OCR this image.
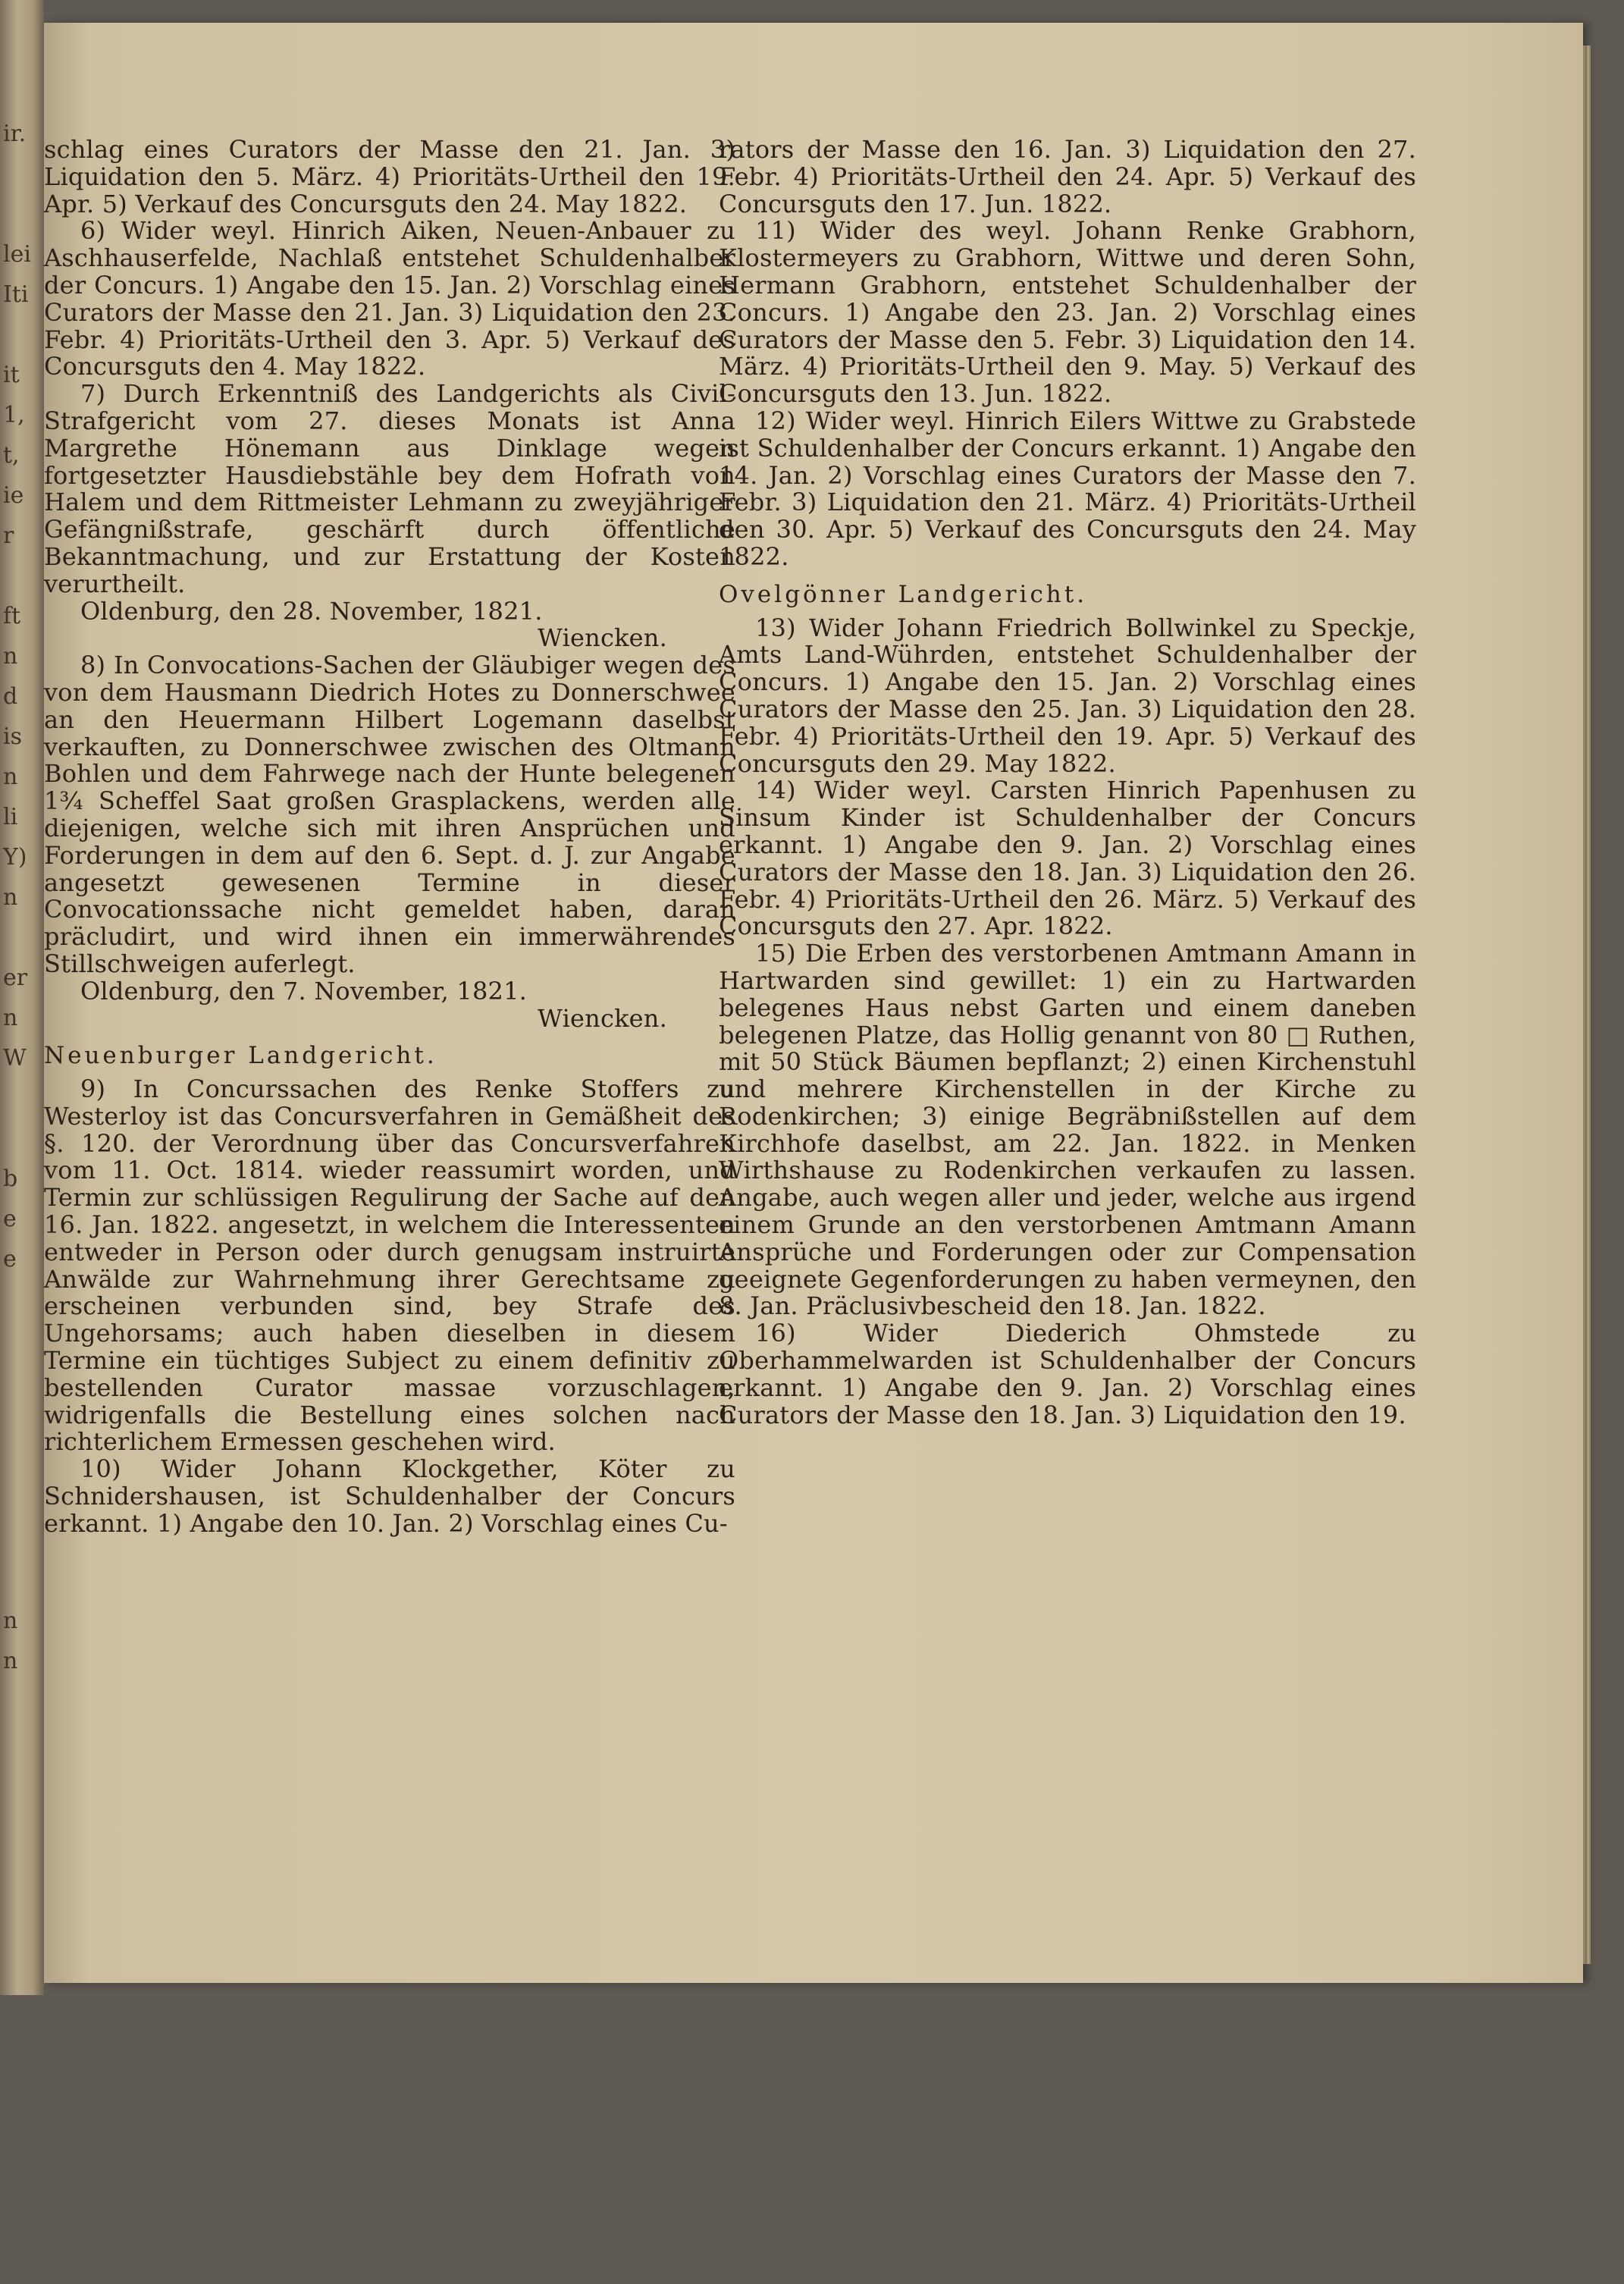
ir.

lei
Iti

it
1,
t,
ie
r

ft
n
d
is
n
li
Y)
n

er
n
W

b
e
e

n
n

schlag eines Curators der Masse den 21. Jan. 3) Liquidation den 5. März. 4) Prioritäts-Urtheil den 19. Apr. 5) Verkauf des Concursguts den 24. May 1822.

6) Wider weyl. Hinrich Aiken, Neuen-Anbauer zu Aschhauserfelde, Nachlaß entstehet Schuldenhalber der Concurs. 1) Angabe den 15. Jan. 2) Vorschlag eines Curators der Masse den 21. Jan. 3) Liquidation den 23. Febr. 4) Prioritäts-Urtheil den 3. Apr. 5) Verkauf des Concursguts den 4. May 1822.

7) Durch Erkenntniß des Landgerichts als Civil-Strafgericht vom 27. dieses Monats ist Anna Margrethe Hönemann aus Dinklage wegen fortgesetzter Hausdiebstähle bey dem Hofrath von Halem und dem Rittmeister Lehmann zu zweyjähriger Gefängnißstrafe, geschärft durch öffentliche Bekanntmachung, und zur Erstattung der Kosten verurtheilt.

Oldenburg, den 28. November, 1821.

Wiencken.

8) In Convocations-Sachen der Gläubiger wegen des von dem Hausmann Diedrich Hotes zu Donnerschwee an den Heuermann Hilbert Logemann daselbst verkauften, zu Donnerschwee zwischen des Oltmann Bohlen und dem Fahrwege nach der Hunte belegenen 1¾ Scheffel Saat großen Grasplackens, werden alle diejenigen, welche sich mit ihren Ansprüchen und Forderungen in dem auf den 6. Sept. d. J. zur Angabe angesetzt gewesenen Termine in dieser Convocationssache nicht gemeldet haben, daran präcludirt, und wird ihnen ein immerwährendes Stillschweigen auferlegt.

Oldenburg, den 7. November, 1821.

Wiencken.

Neuenburger Landgericht.

9) In Concurssachen des Renke Stoffers zu Westerloy ist das Concursverfahren in Gemäßheit des §. 120. der Verordnung über das Concursverfahren vom 11. Oct. 1814. wieder reassumirt worden, und Termin zur schlüssigen Regulirung der Sache auf den 16. Jan. 1822. angesetzt, in welchem die Interessenten entweder in Person oder durch genugsam instruirte Anwälde zur Wahrnehmung ihrer Gerechtsame zu erscheinen verbunden sind, bey Strafe des Ungehorsams; auch haben dieselben in diesem Termine ein tüchtiges Subject zu einem definitiv zu bestellenden Curator massae vorzuschlagen, widrigenfalls die Bestellung eines solchen nach richterlichem Ermessen geschehen wird.

10) Wider Johann Klockgether, Köter zu Schnidershausen, ist Schuldenhalber der Concurs erkannt. 1) Angabe den 10. Jan. 2) Vorschlag eines Cu-

rators der Masse den 16. Jan. 3) Liquidation den 27. Febr. 4) Prioritäts-Urtheil den 24. Apr. 5) Verkauf des Concursguts den 17. Jun. 1822.

11) Wider des weyl. Johann Renke Grabhorn, Klostermeyers zu Grabhorn, Wittwe und deren Sohn, Hermann Grabhorn, entstehet Schuldenhalber der Concurs. 1) Angabe den 23. Jan. 2) Vorschlag eines Curators der Masse den 5. Febr. 3) Liquidation den 14. März. 4) Prioritäts-Urtheil den 9. May. 5) Verkauf des Concursguts den 13. Jun. 1822.

12) Wider weyl. Hinrich Eilers Wittwe zu Grabstede ist Schuldenhalber der Concurs erkannt. 1) Angabe den 14. Jan. 2) Vorschlag eines Curators der Masse den 7. Febr. 3) Liquidation den 21. März. 4) Prioritäts-Urtheil den 30. Apr. 5) Verkauf des Concursguts den 24. May 1822.

Ovelgönner Landgericht.

13) Wider Johann Friedrich Bollwinkel zu Speckje, Amts Land-Wührden, entstehet Schuldenhalber der Concurs. 1) Angabe den 15. Jan. 2) Vorschlag eines Curators der Masse den 25. Jan. 3) Liquidation den 28. Febr. 4) Prioritäts-Urtheil den 19. Apr. 5) Verkauf des Concursguts den 29. May 1822.

14) Wider weyl. Carsten Hinrich Papenhusen zu Sinsum Kinder ist Schuldenhalber der Concurs erkannt. 1) Angabe den 9. Jan. 2) Vorschlag eines Curators der Masse den 18. Jan. 3) Liquidation den 26. Febr. 4) Prioritäts-Urtheil den 26. März. 5) Verkauf des Concursguts den 27. Apr. 1822.

15) Die Erben des verstorbenen Amtmann Amann in Hartwarden sind gewillet: 1) ein zu Hartwarden belegenes Haus nebst Garten und einem daneben belegenen Platze, das Hollig genannt von 80 □ Ruthen, mit 50 Stück Bäumen bepflanzt; 2) einen Kirchenstuhl und mehrere Kirchenstellen in der Kirche zu Rodenkirchen; 3) einige Begräbnißstellen auf dem Kirchhofe daselbst, am 22. Jan. 1822. in Menken Wirthshause zu Rodenkirchen verkaufen zu lassen. Angabe, auch wegen aller und jeder, welche aus irgend einem Grunde an den verstorbenen Amtmann Amann Ansprüche und Forderungen oder zur Compensation geeignete Gegenforderungen zu haben vermeynen, den 8. Jan. Präclusivbescheid den 18. Jan. 1822.

16) Wider Diederich Ohmstede zu Oberhammelwarden ist Schuldenhalber der Concurs erkannt. 1) Angabe den 9. Jan. 2) Vorschlag eines Curators der Masse den 18. Jan. 3) Liquidation den 19.
